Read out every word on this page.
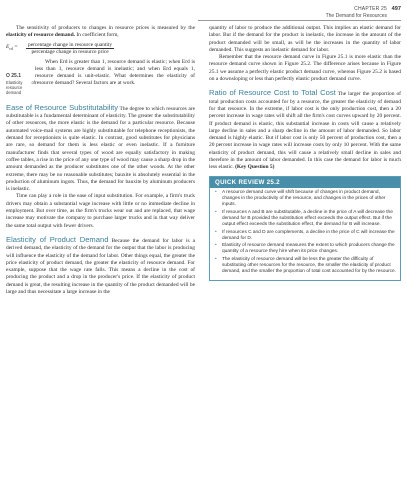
CHAPTER 25
The Demand for Resources
497

The sensitivity of producers to changes in resource prices is measured by the elasticity of resource demand. In coefficient form,

$E_{rd}$ =	$\frac{\text{percentage change in resource quantity}}{\text{percentage change in resource price}}$
O 25.1
Elasticity of resource demand

When Erd is greater than 1, resource demand is elastic; when Erd is less than 1, resource demand is inelastic; and when Erd equals 1, resource demand is unit-elastic. What determines the elasticity of resource demand? Several factors are at work.

Ease of Resource Substitutability The degree to which resources are substitutable is a fundamental determinant of elasticity. The greater the substitutability of other resources, the more elastic is the demand for a particular resource. Because automated voice-mail systems are highly substitutable for telephone receptionists, the demand for receptionists is quite elastic. In contrast, good substitutes for physicians are rare, so demand for them is less elastic or even inelastic. If a furniture manufacturer finds that several types of wood are equally satisfactory in making coffee tables, a rise in the price of any one type of wood may cause a sharp drop in the amount demanded as the producer substitutes one of the other woods. At the other extreme, there may be no reasonable substitutes; bauxite is absolutely essential in the production of aluminum ingots. Thus, the demand for bauxite by aluminum producers is inelastic.

Time can play a role in the ease of input substitution. For example, a firm's truck drivers may obtain a substantial wage increase with little or no immediate decline in employment. But over time, as the firm's trucks wear out and are replaced, that wage increase may motivate the company to purchase larger trucks and in that way deliver the same total output with fewer drivers.

Elasticity of Product Demand Because the demand for labor is a derived demand, the elasticity of the demand for the output that the labor is producing will influence the elasticity of the demand for labor. Other things equal, the greater the price elasticity of product demand, the greater the elasticity of resource demand. For example, suppose that the wage rate falls. This means a decline in the cost of producing the product and a drop in the producer's price. If the elasticity of product demand is great, the resulting increase in the quantity of the product demanded will be large and thus necessitate a large increase in the

quantity of labor to produce the additional output. This implies an elastic demand for labor. But if the demand for the product is inelastic, the increase in the amount of the product demanded will be small, as will be the increases in the quantity of labor demanded. This suggests an inelastic demand for labor.

Remember that the resource demand curve in Figure 25.1 is more elastic than the resource demand curve shown in Figure 25.2. The difference arises because in Figure 25.1 we assume a perfectly elastic product demand curve, whereas Figure 25.2 is based on a downsloping or less than perfectly elastic product demand curve.

Ratio of Resource Cost to Total Cost The larger the proportion of total production costs accounted for by a resource, the greater the elasticity of demand for that resource. In the extreme, if labor cost is the only production cost, then a 20 percent increase in wage rates will shift all the firm's cost curves upward by 20 percent. If product demand is elastic, this substantial increase in costs will cause a relatively large decline in sales and a sharp decline in the amount of labor demanded. So labor demand is highly elastic. But if labor cost is only 50 percent of production cost, then a 20 percent increase in wage rates will increase costs by only 10 percent. With the same elasticity of product demand, this will cause a relatively small decline in sales and therefore in the amount of labor demanded. In this case the demand for labor is much less elastic. (Key Question 5)

QUICK REVIEW 25.2
• A resource demand curve will shift because of changes in product demand, changes in the productivity of the resource, and changes in the prices of other inputs.
• If resources A and B are substitutable, a decline in the price of A will decrease the demand for B provided the substitution effect exceeds the output effect. But if the output effect exceeds the substitution effect, the demand for B will increase.
• If resources C and D are complements, a decline in the price of C will increase the demand for D.
• Elasticity of resource demand measures the extent to which producers change the quantity of a resource they hire when its price changes.
• The elasticity of resource demand will be less the greater the difficulty of substituting other resources for the resource, the smaller the elasticity of product demand, and the smaller the proportion of total cost accounted for by the resource.
